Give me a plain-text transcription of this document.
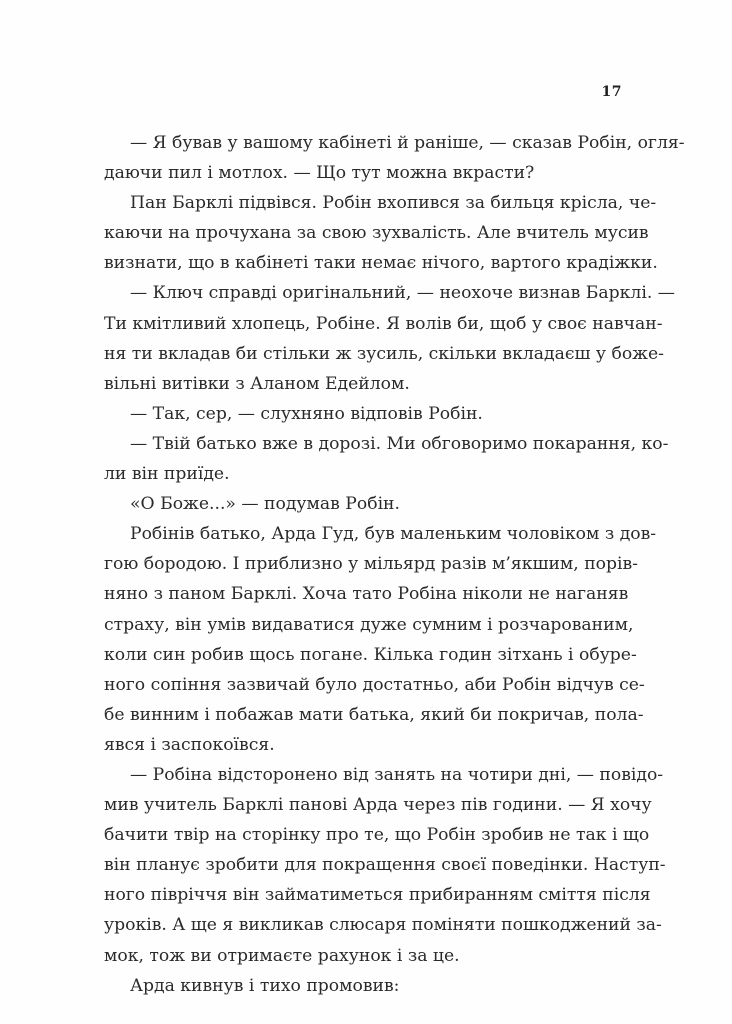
17
— Я бував у вашому кабінеті й раніше, — сказав Робін, огля-
даючи пил і мотлох. — Що тут можна вкрасти?
Пан Барклі підвівся. Робін вхопився за бильця крісла, че-
каючи на прочухана за свою зухвалість. Але вчитель мусив
визнати, що в кабінеті таки немає нічого, вартого крадіжки.
— Ключ справді оригінальний, — неохоче визнав Барклі. —
Ти кмітливий хлопець, Робіне. Я волів би, щоб у своє навчан-
ня ти вкладав би стільки ж зусиль, скільки вкладаєш у боже-
вільні витівки з Аланом Едейлом.
— Так, сер, — слухняно відповів Робін.
— Твій батько вже в дорозі. Ми обговоримо покарання, ко-
ли він приїде.
«О Боже...» — подумав Робін.
Робінів батько, Арда Гуд, був маленьким чоловіком з дов-
гою бородою. І приблизно у мільярд разів м’якшим, порів-
няно з паном Барклі. Хоча тато Робіна ніколи не наганяв
страху, він умів видаватися дуже сумним і розчарованим,
коли син робив щось погане. Кілька годин зітхань і обуре-
ного сопіння зазвичай було достатньо, аби Робін відчув се-
бе винним і побажав мати батька, який би покричав, пола-
явся і заспокоївся.
— Робіна відсторонено від занять на чотири дні, — повідо-
мив учитель Барклі панові Арда через пів години. — Я хочу
бачити твір на сторінку про те, що Робін зробив не так і що
він планує зробити для покращення своєї поведінки. Наступ-
ного півріччя він займатиметься прибиранням сміття після
уроків. А ще я викликав слюсаря поміняти пошкоджений за-
мок, тож ви отримаєте рахунок і за це.
Арда кивнув і тихо промовив:
